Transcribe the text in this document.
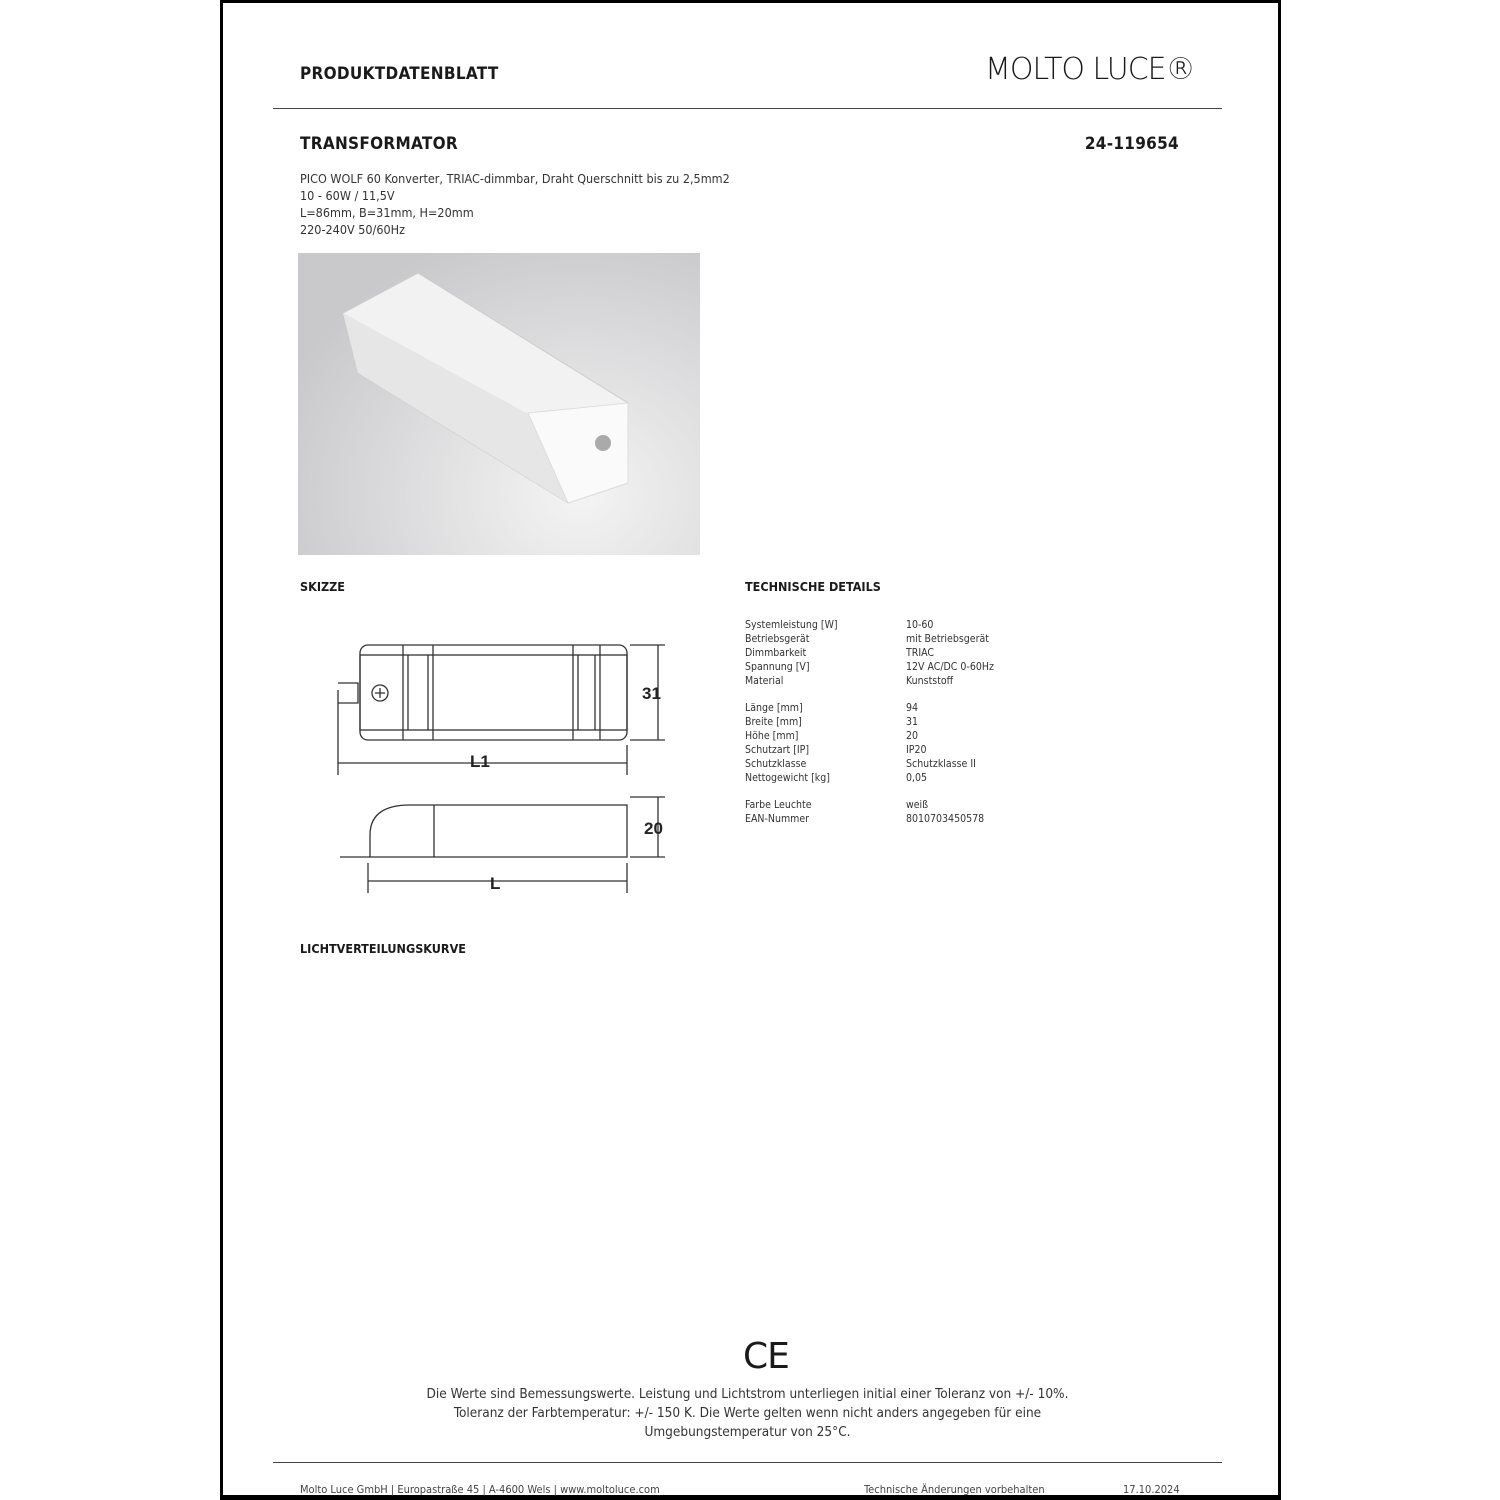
PRODUKTDATENBLATT	MOLTO LUCE®
TRANSFORMATOR	24-119654
PICO WOLF 60 Konverter, TRIAC-dimmbar, Draht Querschnitt bis zu 2,5mm2
10 - 60W / 11,5V
L=86mm, B=31mm, H=20mm
220-240V 50/60Hz
SKIZZE	TECHNISCHE DETAILS
31
L1
20
L
Systemleistung [W]	10-60
Betriebsgerät	mit Betriebsgerät
Dimmbarkeit	TRIAC
Spannung [V]	12V AC/DC 0-60Hz
Material	Kunststoff
Länge [mm]	94
Breite [mm]	31
Höhe [mm]	20
Schutzart [IP]	IP20
Schutzklasse	Schutzklasse II
Nettogewicht [kg]	0,05
Farbe Leuchte	weiß
EAN-Nummer	8010703450578
LICHTVERTEILUNGSKURVE
CE
Die Werte sind Bemessungswerte. Leistung und Lichtstrom unterliegen initial einer Toleranz von +/- 10%.
Toleranz der Farbtemperatur: +/- 150 K. Die Werte gelten wenn nicht anders angegeben für eine
Umgebungstemperatur von 25°C.
Molto Luce GmbH | Europastraße 45 | A-4600 Wels | www.moltoluce.com	Technische Änderungen vorbehalten	17.10.2024
